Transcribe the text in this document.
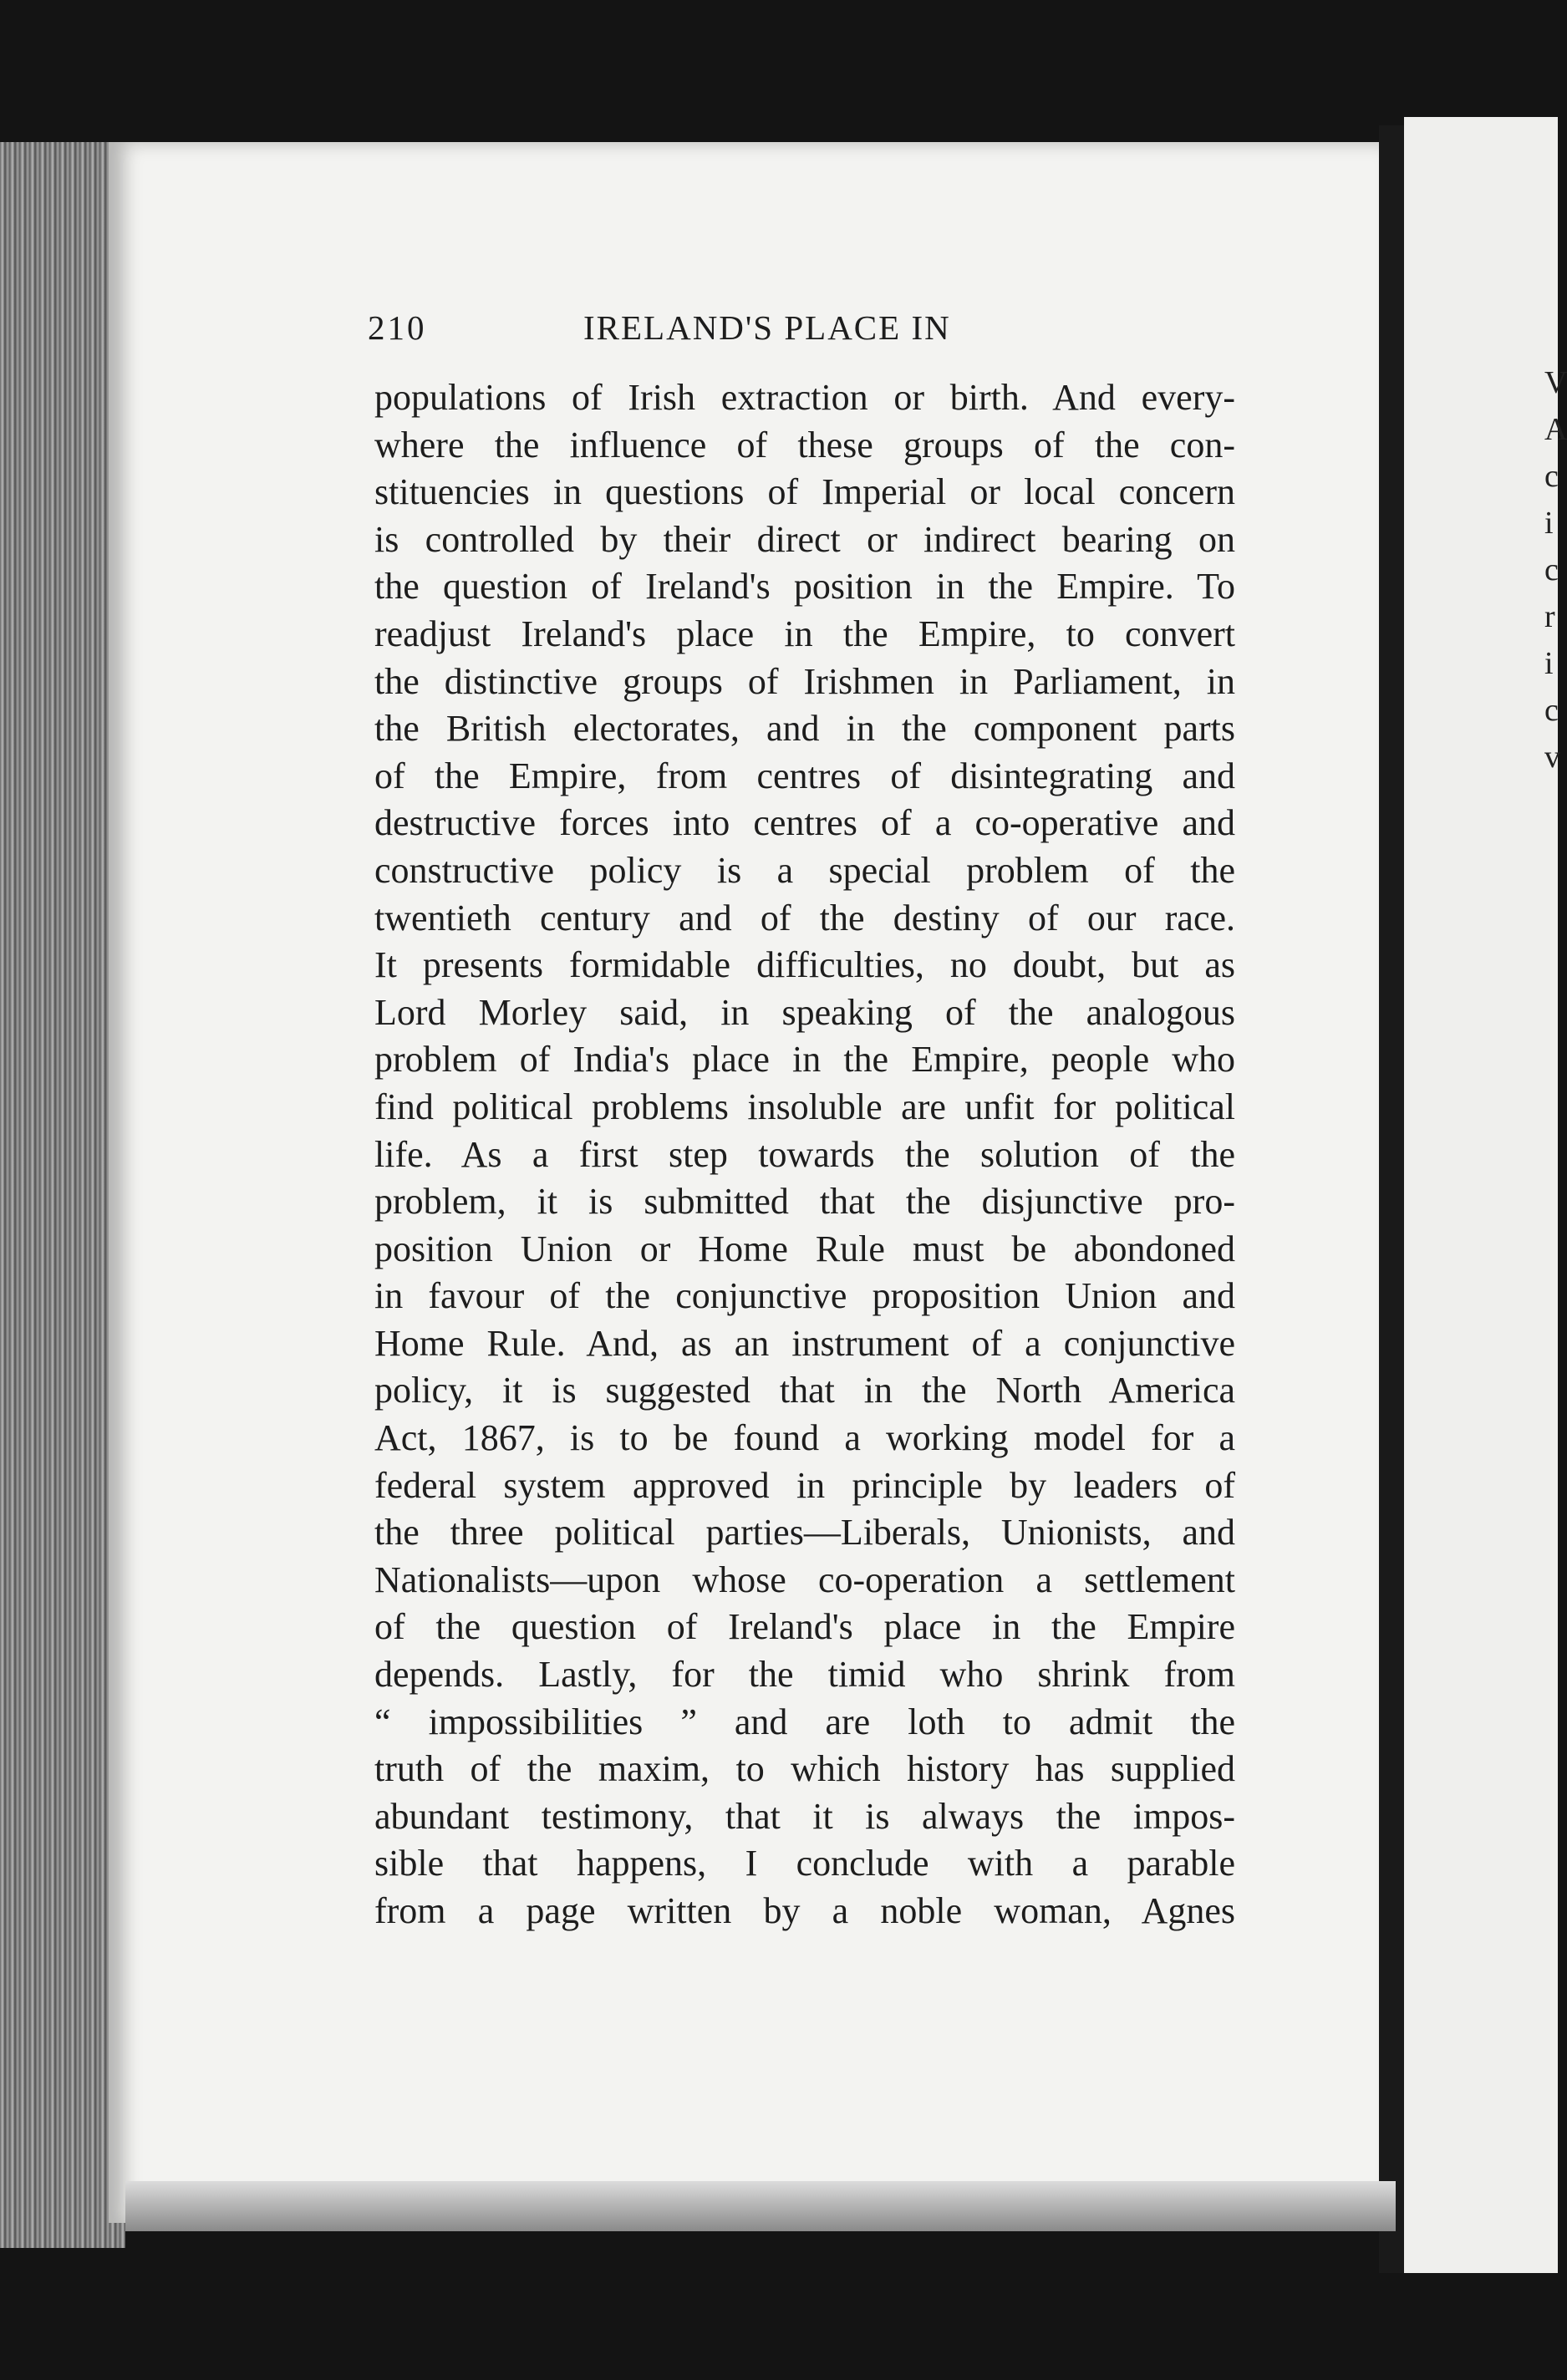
210	IRELAND'S PLACE IN
populations of Irish extraction or birth. And every-
where the influence of these groups of the con-
stituencies in questions of Imperial or local concern
is controlled by their direct or indirect bearing on
the question of Ireland's position in the Empire. To
readjust Ireland's place in the Empire, to convert
the distinctive groups of Irishmen in Parliament, in
the British electorates, and in the component parts
of the Empire, from centres of disintegrating and
destructive forces into centres of a co-operative and
constructive policy is a special problem of the
twentieth century and of the destiny of our race.
It presents formidable difficulties, no doubt, but as
Lord Morley said, in speaking of the analogous
problem of India's place in the Empire, people who
find political problems insoluble are unfit for political
life. As a first step towards the solution of the
problem, it is submitted that the disjunctive pro-
position Union or Home Rule must be abondoned
in favour of the conjunctive proposition Union and
Home Rule. And, as an instrument of a conjunctive
policy, it is suggested that in the North America
Act, 1867, is to be found a working model for a
federal system approved in principle by leaders of
the three political parties—Liberals, Unionists, and
Nationalists—upon whose co-operation a settlement
of the question of Ireland's place in the Empire
depends. Lastly, for the timid who shrink from
“ impossibilities ” and are loth to admit the
truth of the maxim, to which history has supplied
abundant testimony, that it is always the impos-
sible that happens, I conclude with a parable
from a page written by a noble woman, Agnes
V
A
c
i
c
r
i
c
v
